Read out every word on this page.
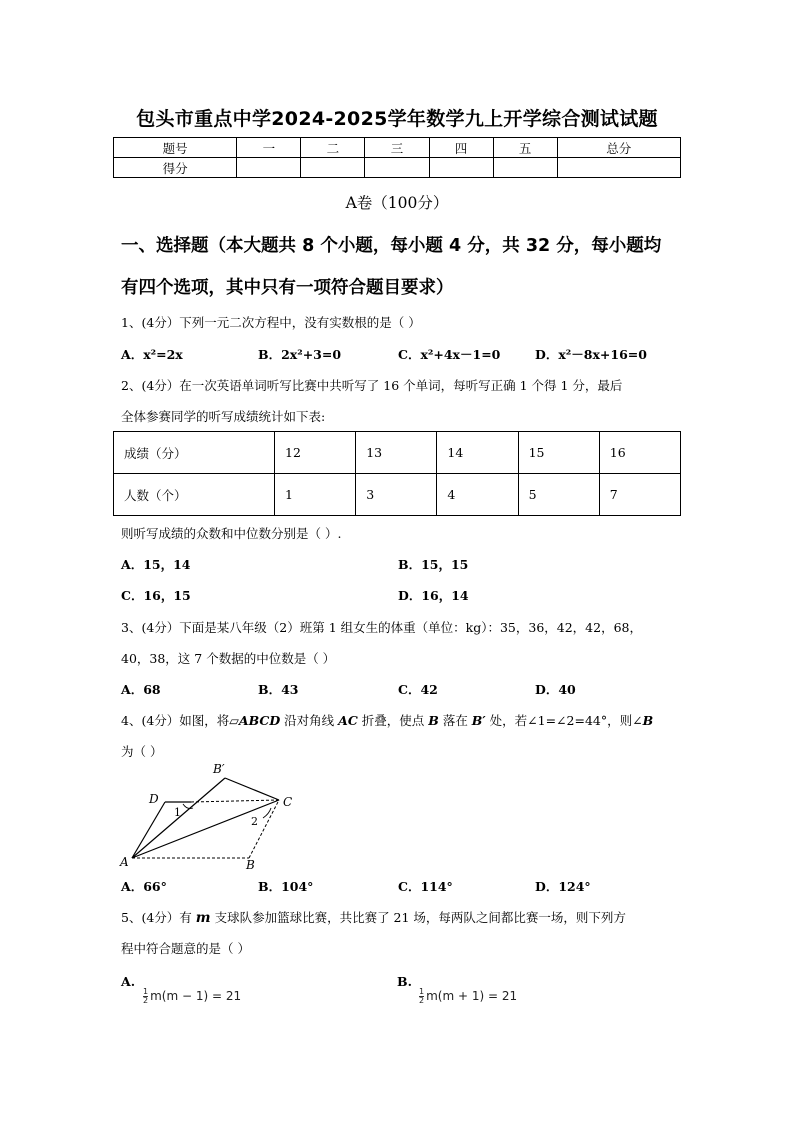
包头市重点中学2024-2025学年数学九上开学综合测试试题
题号	一	二	三	四	五	总分
得分						
A卷（100分）
一、选择题（本大题共 8 个小题，每小题 4 分，共 32 分，每小题均
有四个选项，其中只有一项符合题目要求）
1、(4分）下列一元二次方程中，没有实数根的是（ ）
A．x²=2x	B．2x²+3=0	C．x²+4x－1=0	D．x²－8x+16=0
2、(4分）在一次英语单词听写比赛中共听写了 16 个单词，每听写正确 1 个得 1 分，最后
全体参赛同学的听写成绩统计如下表:
成绩（分）	12	13	14	15	16
人数（个）	1	3	4	5	7
则听写成绩的众数和中位数分别是（ ）.
A．15，14	B．15，15
C．16，15	D．16，14
3、(4分）下面是某八年级（2）班第 1 组女生的体重（单位：kg）：35，36，42，42，68，
40，38，这 7 个数据的中位数是（ ）
A．68	B．43	C．42	D．40
4、(4分）如图，将▱ABCD 沿对角线 AC 折叠，使点 B 落在 B′ 处，若∠1=∠2=44°，则∠B
为（ ）
B′
D	C
A	B
1
2
A．66°	B．104°	C．114°	D．124°
5、(4分）有 m 支球队参加篮球比赛，共比赛了 21 场，每两队之间都比赛一场，则下列方
程中符合题意的是（ ）
A.
$\frac{1}{2} m(m - 1) = 21$
B.
$\frac{1}{2} m(m + 1) = 21$
